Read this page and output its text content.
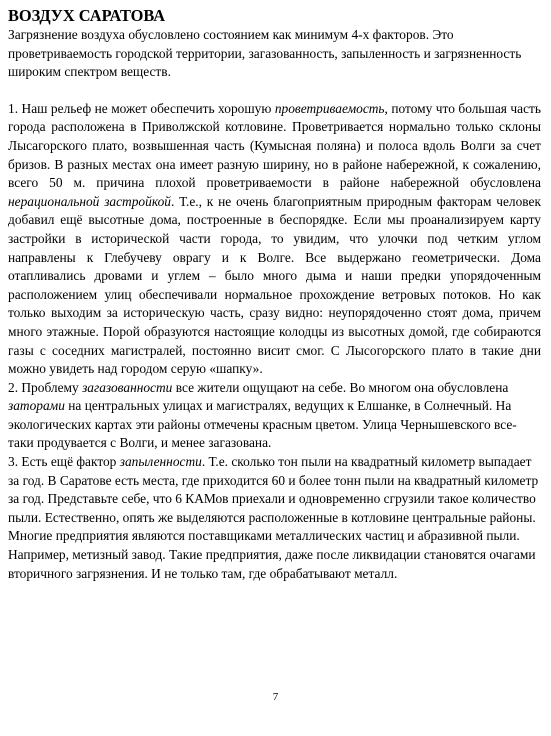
ВОЗДУХ САРАТОВА

Загрязнение воздуха обусловлено состоянием как минимум 4-х факторов. Это проветриваемость городской территории, загазованность, запыленность и загрязненность широким спектром веществ.

1. Наш рельеф не может обеспечить хорошую проветриваемость, потому что большая часть города расположена в Приволжской котловине. Проветривается нормально только склоны Лысагорского плато, возвышенная часть (Кумысная поляна) и полоса вдоль Волги за счет бризов. В разных местах она имеет разную ширину, но в районе набережной, к сожалению, всего 50 м. причина плохой проветриваемости в районе набережной обусловлена нерациональной застройкой. Т.е., к не очень благоприятным природным факторам человек добавил ещё высотные дома, построенные в беспорядке. Если мы проанализируем карту застройки в исторической части города, то увидим, что улочки под четким углом направлены к Глебучеву оврагу и к Волге. Все выдержано геометрически. Дома отапливались дровами и углем – было много дыма и наши предки упорядоченным расположением улиц обеспечивали нормальное прохождение ветровых потоков. Но как только выходим за историческую часть, сразу видно: неупорядоченно стоят дома, причем много этажные. Порой образуются настоящие колодцы из высотных домой, где собираются газы с соседних магистралей, постоянно висит смог. С Лысогорского плато в такие дни можно увидеть над городом серую «шапку».

2. Проблему загазованности все жители ощущают на себе. Во многом она обусловлена заторами на центральных улицах и магистралях, ведущих к Елшанке, в Солнечный. На экологических картах эти районы отмечены красным цветом. Улица Чернышевского все-таки продувается с Волги, и менее загазована.

3. Есть ещё фактор запыленности. Т.е. сколько тон пыли на квадратный километр выпадает за год. В Саратове есть места, где приходится 60 и более тонн пыли на квадратный километр за год. Представьте себе, что 6 КАМов приехали и одновременно сгрузили такое количество пыли. Естественно, опять же выделяются расположенные в котловине центральные районы. Многие предприятия являются поставщиками металлических частиц и абразивной пыли. Например, метизный завод. Такие предприятия, даже после ликвидации становятся очагами вторичного загрязнения. И не только там, где обрабатывают металл.

7
